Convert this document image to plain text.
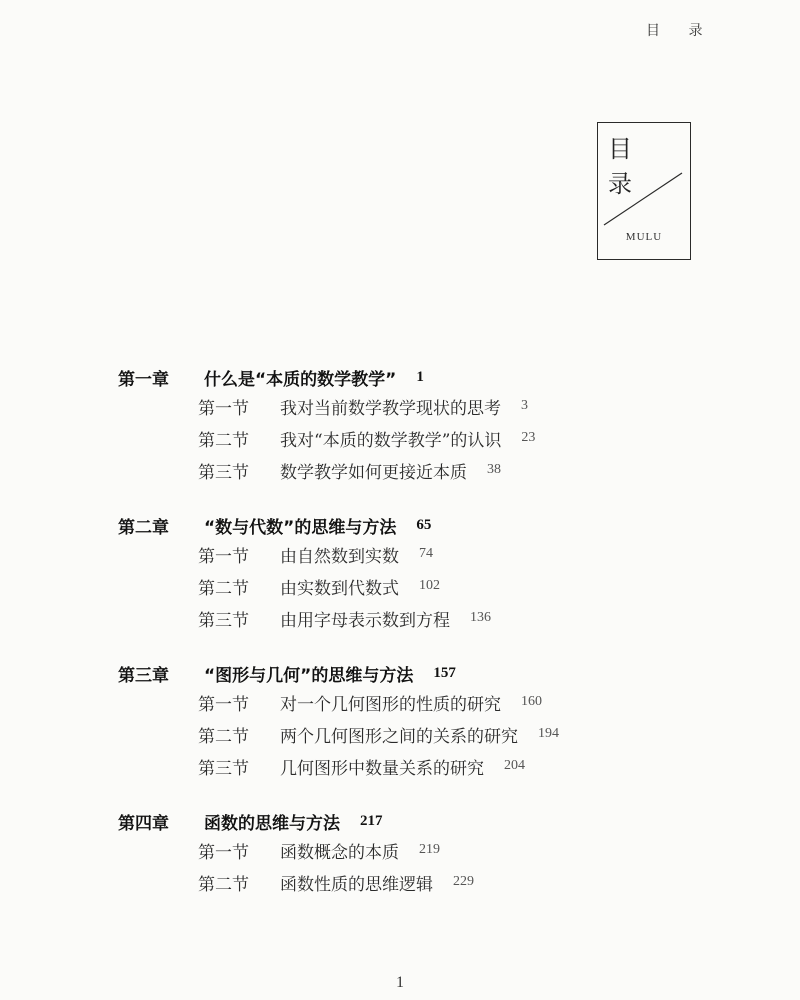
目 录
目 录
MULU
第一章	什么是“本质的数学教学” 1
第一节	我对当前数学教学现状的思考 3
第二节	我对“本质的数学教学”的认识 23
第三节	数学教学如何更接近本质 38
第二章	“数与代数”的思维与方法 65
第一节	由自然数到实数 74
第二节	由实数到代数式 102
第三节	由用字母表示数到方程 136
第三章	“图形与几何”的思维与方法 157
第一节	对一个几何图形的性质的研究 160
第二节	两个几何图形之间的关系的研究 194
第三节	几何图形中数量关系的研究 204
第四章	函数的思维与方法 217
第一节	函数概念的本质 219
第二节	函数性质的思维逻辑 229
1
